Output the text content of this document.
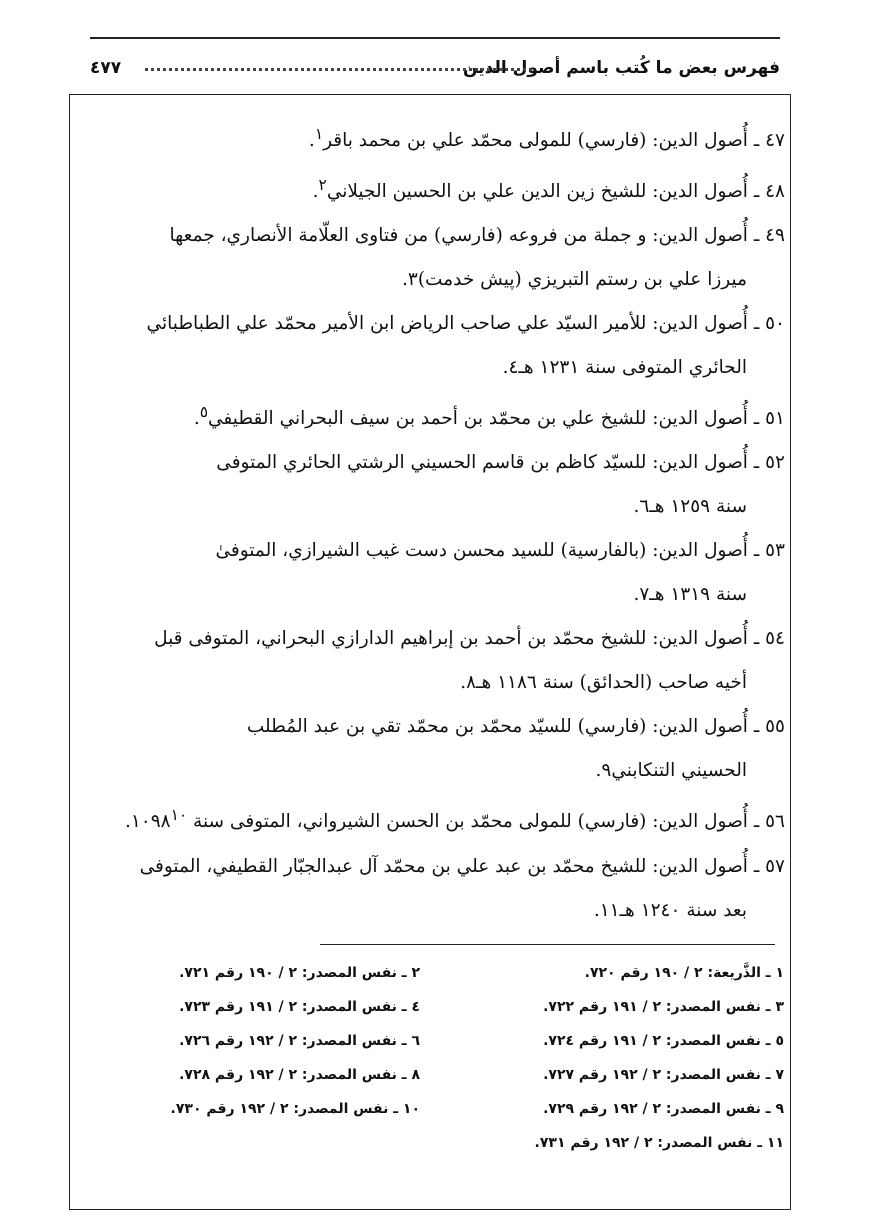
فهرس بعض ما كُتب باسم أصول الدين
٤٧٧
٤٧ ـ أُصول الدين: (فارسي) للمولى محمّد علي بن محمد باقر$^١$.
٤٨ ـ أُصول الدين: للشيخ زين الدين علي بن الحسين الجيلاني$^٢$.
٤٩ ـ أُصول الدين: و جملة من فروعه (فارسي) من فتاوى العلّامة الأنصاري، جمعها
ميرزا علي بن رستم التبريزي (پيش خدمت)٣.
٥٠ ـ أُصول الدين: للأمير السيّد علي صاحب الرياض ابن الأمير محمّد علي الطباطبائي
الحائري المتوفى سنة ١٢٣١ هـ٤.
٥١ ـ أُصول الدين: للشيخ علي بن محمّد بن أحمد بن سيف البحراني القطيفي$^٥$.
٥٢ ـ أُصول الدين: للسيّد كاظم بن قاسم الحسيني الرشتي الحائري المتوفى
سنة ١٢٥٩ هـ٦.
٥٣ ـ أُصول الدين: (بالفارسية) للسيد محسن دست غيب الشيرازي، المتوفىٰ
سنة ١٣١٩ هـ٧.
٥٤ ـ أُصول الدين: للشيخ محمّد بن أحمد بن إبراهيم الدارازي البحراني، المتوفى قبل
أخيه صاحب (الحدائق) سنة ١١٨٦ هـ٨.
٥٥ ـ أُصول الدين: (فارسي) للسيّد محمّد بن محمّد تقي بن عبد المُطلب
الحسيني التنكابني٩.
٥٦ ـ أُصول الدين: (فارسي) للمولى محمّد بن الحسن الشيرواني، المتوفى سنة ١٠٩٨$^{١٠}$.
٥٧ ـ أُصول الدين: للشيخ محمّد بن عبد علي بن محمّد آل عبدالجبّار القطيفي، المتوفى
بعد سنة ١٢٤٠ هـ١١.
١ ـ الذَّريعة: ٢ / ١٩٠ رقم ٧٢٠.
٢ ـ نفس المصدر: ٢ / ١٩٠ رقم ٧٢١.
٣ ـ نفس المصدر: ٢ / ١٩١ رقم ٧٢٢.
٤ ـ نفس المصدر: ٢ / ١٩١ رقم ٧٢٣.
٥ ـ نفس المصدر: ٢ / ١٩١ رقم ٧٢٤.
٦ ـ نفس المصدر: ٢ / ١٩٢ رقم ٧٢٦.
٧ ـ نفس المصدر: ٢ / ١٩٢ رقم ٧٢٧.
٨ ـ نفس المصدر: ٢ / ١٩٢ رقم ٧٢٨.
٩ ـ نفس المصدر: ٢ / ١٩٢ رقم ٧٢٩.
١٠ ـ نفس المصدر: ٢ / ١٩٢ رقم ٧٣٠.
١١ ـ نفس المصدر: ٢ / ١٩٢ رقم ٧٣١.
